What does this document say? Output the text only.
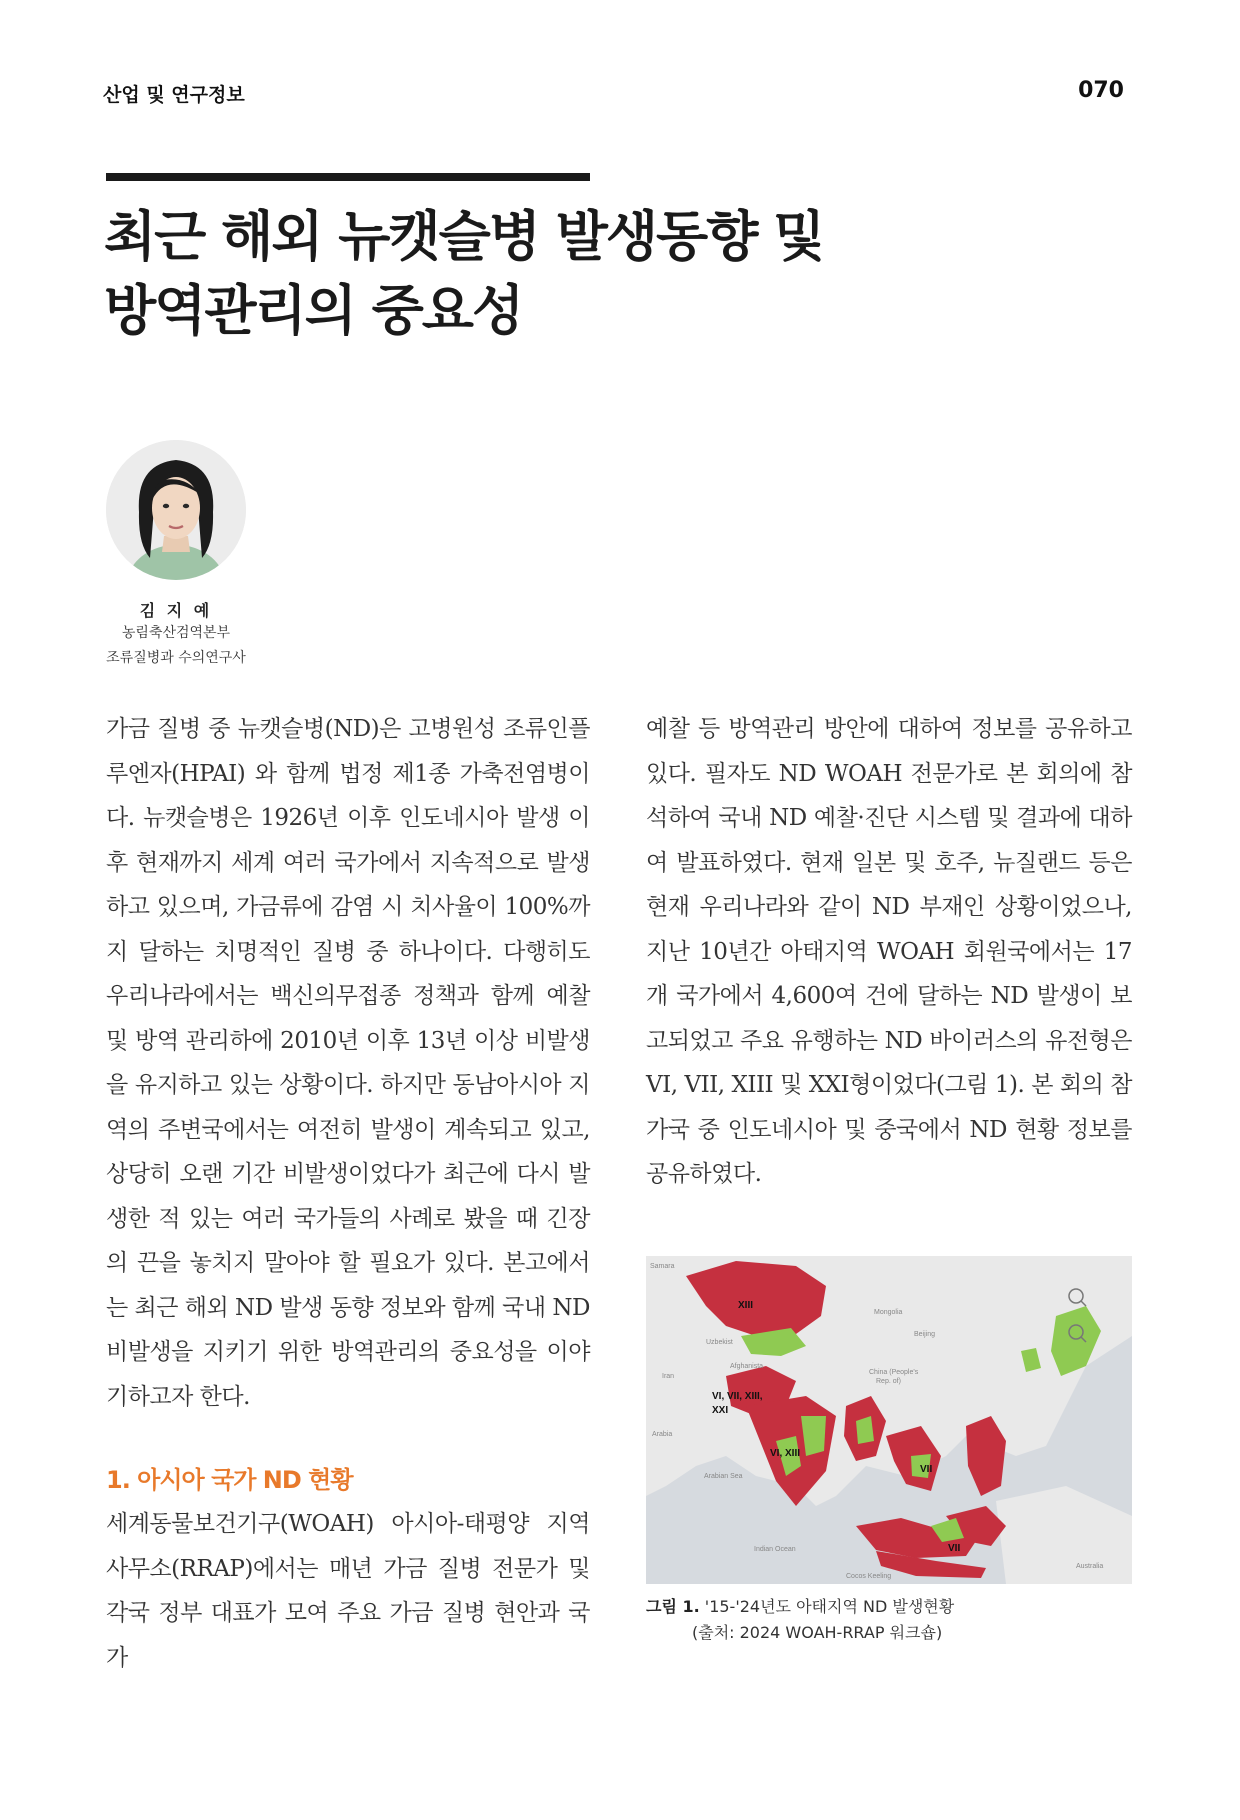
산업 및 연구정보	070
최근 해외 뉴캣슬병 발생동향 및
방역관리의 중요성
김 지 예
농림축산검역본부
조류질병과 수의연구사

가금 질병 중 뉴캣슬병(ND)은 고병원성 조류인플루엔자(HPAI) 와 함께 법정 제1종 가축전염병이다. 뉴캣슬병은 1926년 이후 인도네시아 발생 이후 현재까지 세계 여러 국가에서 지속적으로 발생하고 있으며, 가금류에 감염 시 치사율이 100%까지 달하는 치명적인 질병 중 하나이다. 다행히도 우리나라에서는 백신의무접종 정책과 함께 예찰 및 방역 관리하에 2010년 이후 13년 이상 비발생을 유지하고 있는 상황이다. 하지만 동남아시아 지역의 주변국에서는 여전히 발생이 계속되고 있고, 상당히 오랜 기간 비발생이었다가 최근에 다시 발생한 적 있는 여러 국가들의 사례로 봤을 때 긴장의 끈을 놓치지 말아야 할 필요가 있다. 본고에서는 최근 해외 ND 발생 동향 정보와 함께 국내 ND 비발생을 지키기 위한 방역관리의 중요성을 이야기하고자 한다.

1. 아시아 국가 ND 현황

세계동물보건기구(WOAH) 아시아-태평양 지역사무소(RRAP)에서는 매년 가금 질병 전문가 및 각국 정부 대표가 모여 주요 가금 질병 현안과 국가

예찰 등 방역관리 방안에 대하여 정보를 공유하고 있다. 필자도 ND WOAH 전문가로 본 회의에 참석하여 국내 ND 예찰·진단 시스템 및 결과에 대하여 발표하였다. 현재 일본 및 호주, 뉴질랜드 등은 현재 우리나라와 같이 ND 부재인 상황이었으나, 지난 10년간 아태지역 WOAH 회원국에서는 17개 국가에서 4,600여 건에 달하는 ND 발생이 보고되었고 주요 유행하는 ND 바이러스의 유전형은 VI, VII, XIII 및 XXI형이었다(그림 1). 본 회의 참가국 중 인도네시아 및 중국에서 ND 현황 정보를 공유하였다.

Samara
Mongolia
Beijing
China (People's
Rep. of)
Uzbekist
Afghanista
Iran
Arabia
Arabian Sea
Indian Ocean
Cocos Keeling
Australia
XIII
VI, VII, XIII,
XXI
VI, XIII
VII
VII
그림 1. '15-'24년도 아태지역 ND 발생현황
(출처: 2024 WOAH-RRAP 워크숍)
